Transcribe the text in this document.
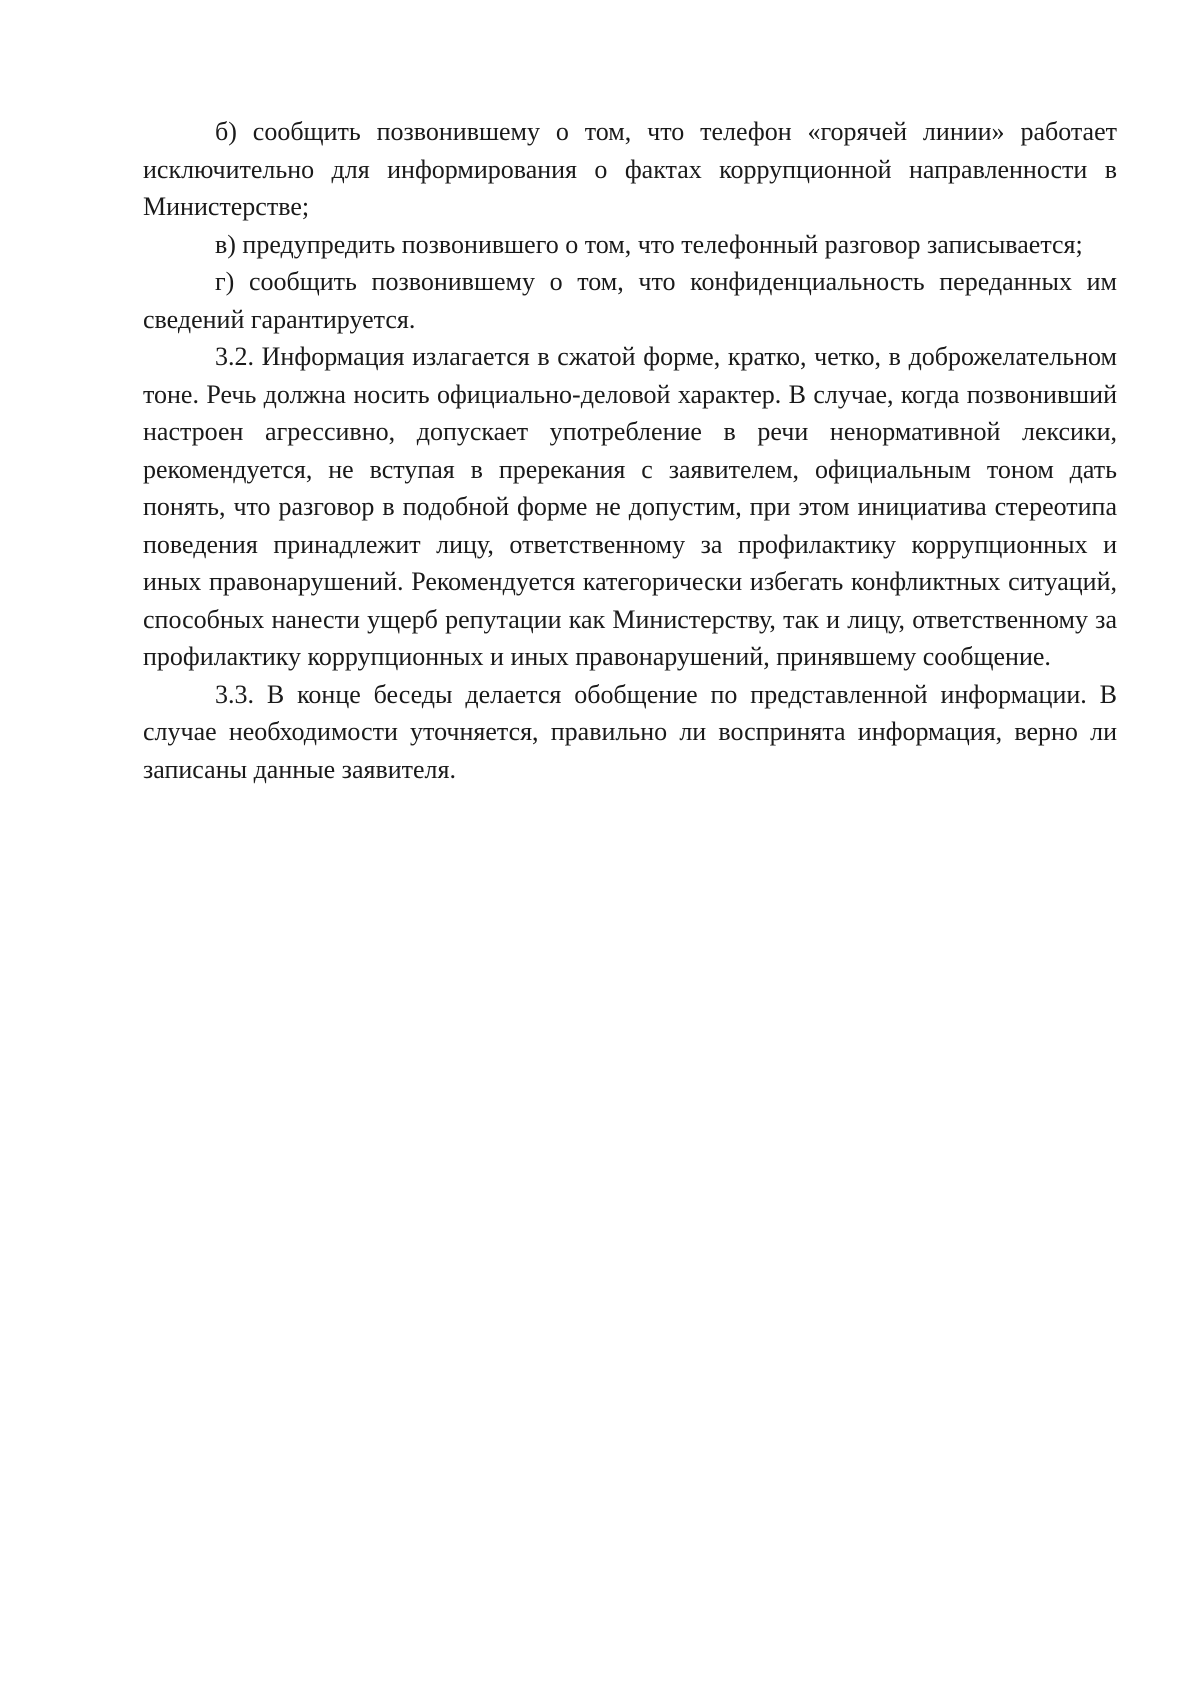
б) сообщить позвонившему о том, что телефон «горячей линии» работает исключительно для информирования о фактах коррупционной направленности в Министерстве;

в) предупредить позвонившего о том, что телефонный разговор записывается;

г) сообщить позвонившему о том, что конфиденциальность переданных им сведений гарантируется.

3.2. Информация излагается в сжатой форме, кратко, четко, в доброжелательном тоне. Речь должна носить официально-деловой характер. В случае, когда позвонивший настроен агрессивно, допускает употребление в речи ненормативной лексики, рекомендуется, не вступая в пререкания с заявителем, официальным тоном дать понять, что разговор в подобной форме не допустим, при этом инициатива стереотипа поведения принадлежит лицу, ответственному за профилактику коррупционных и иных правонарушений. Рекомендуется категорически избегать конфликтных ситуаций, способных нанести ущерб репутации как Министерству, так и лицу, ответственному за профилактику коррупционных и иных правонарушений, принявшему сообщение.

3.3. В конце беседы делается обобщение по представленной информации. В случае необходимости уточняется, правильно ли воспринята информация, верно ли записаны данные заявителя.
